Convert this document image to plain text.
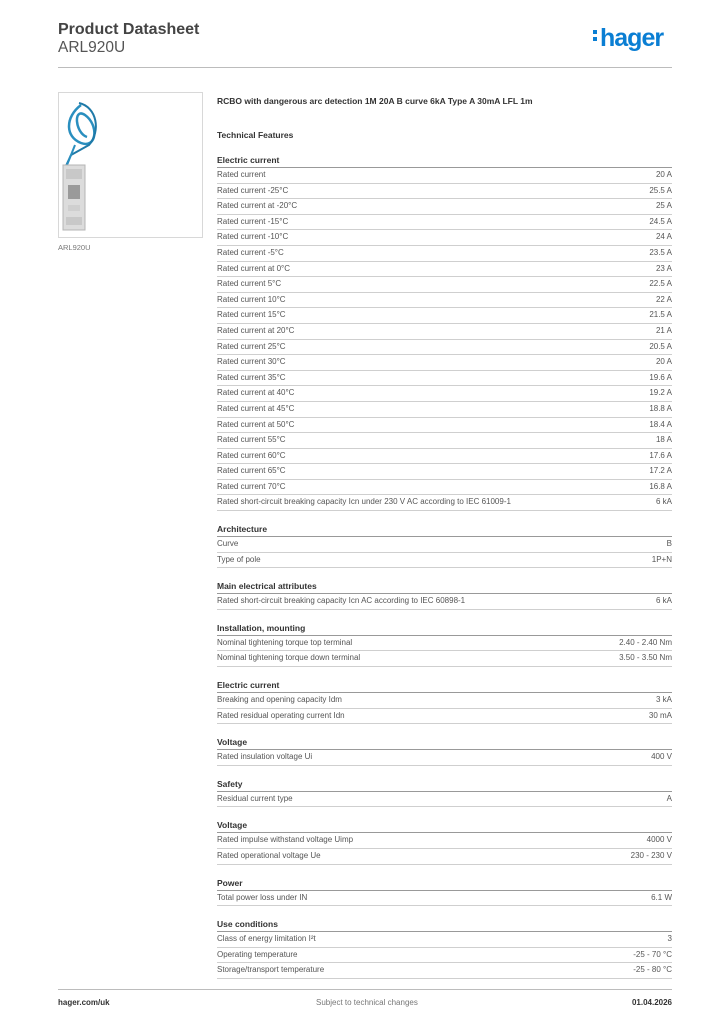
Product Datasheet
ARL920U	hager
ARL920U
RCBO with dangerous arc detection 1M 20A B curve 6kA Type A 30mA LFL 1m
Technical Features
Electric current
Rated current	20 A
Rated current -25°C	25.5 A
Rated current at -20°C	25 A
Rated current -15°C	24.5 A
Rated current -10°C	24 A
Rated current -5°C	23.5 A
Rated current at 0°C	23 A
Rated current 5°C	22.5 A
Rated current 10°C	22 A
Rated current 15°C	21.5 A
Rated current at 20°C	21 A
Rated current 25°C	20.5 A
Rated current 30°C	20 A
Rated current 35°C	19.6 A
Rated current at 40°C	19.2 A
Rated current at 45°C	18.8 A
Rated current at 50°C	18.4 A
Rated current 55°C	18 A
Rated current 60°C	17.6 A
Rated current 65°C	17.2 A
Rated current 70°C	16.8 A
Rated short-circuit breaking capacity Icn under 230 V AC according to IEC 61009-1	6 kA
Architecture
Curve	B
Type of pole	1P+N
Main electrical attributes
Rated short-circuit breaking capacity Icn AC according to IEC 60898-1	6 kA
Installation, mounting
Nominal tightening torque top terminal	2.40 - 2.40 Nm
Nominal tightening torque down terminal	3.50 - 3.50 Nm
Electric current
Breaking and opening capacity Idm	3 kA
Rated residual operating current Idn	30 mA
Voltage
Rated insulation voltage Ui	400 V
Safety
Residual current type	A
Voltage
Rated impulse withstand voltage Uimp	4000 V
Rated operational voltage Ue	230 - 230 V
Power
Total power loss under IN	6.1 W
Use conditions
Class of energy limitation I²t	3
Operating temperature	-25 - 70 °C
Storage/transport temperature	-25 - 80 °C
hager.com/uk	Subject to technical changes	01.04.2026
